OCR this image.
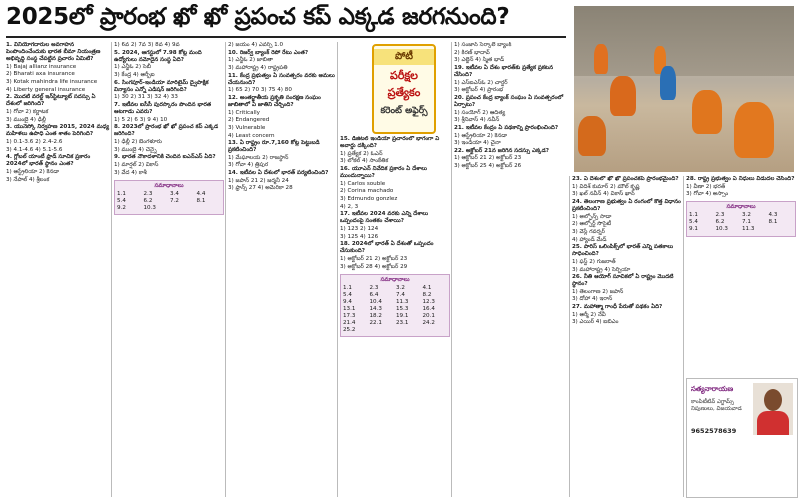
2025లో ప్రారంభ ఖో ఖో ప్రపంచ కప్ ఎక్కడ జరగనుంది?

1. వినియోగదారుల అవగాహన పెంపొందించేందుకు భారత బీమా నియంత్రణ అభివృద్ధి సంస్థ చేపట్టిన ప్రచారం ఏమిటి?

1) Bajaj allianz insurance

2) Bharati axa insurance

3) Kotak mahindra life insurance

4) Liberty general insurance

2. మొదటి వరల్డ్ ఇన్‌స్టిట్యూట్ సదస్సు ఏ దేశంలో జరిగింది?

1) గోవా 2) కర్ణాటక

3) ముంబై 4) ఢిల్లీ

3. యునెస్కో నిర్వహణ 2015, 2024 మధ్య మహిళలు ఉపాధి ఎంత శాతం పెరిగింది?

1) 0.1-3.6 2) 2.4-2.6

3) 4.1-4.6 4) 5.1-5.6

4. గ్లోబల్ యాంటీ ఫ్రాడ్ సూచిక ప్రకారం 2024లో భారత్ స్థానం ఎంత?

1) ఆస్ట్రేలియా 2) కెనడా

3) నేపాల్ 4) శ్రీలంక

1) 6వ 2) 7వ 3) 8వ 4) 9వ

5. 2024, ఆగస్టులో 7.98 కోట్ల మంది ఉద్యోగులు నమోదైన సంస్థ ఏది?

1) ఎన్జీఓ 2) సెబీ

3) కేంద్ర 4) ఆర్బీఐ

6. సింగపూర్-ఇండియా మారిటైమ్ ద్వైపాక్షిక విన్యాసం ఎన్నో ఎడిషన్ జరిగింది?

1) 30 2) 31 3) 32 4) 33

7. ఇటీవల ఐసీసీ పురస్కారం పొందిన భారత ఆటగాడు ఎవరు?

1) 5 2) 6 3) 9 4) 10

8. 2023లో ప్రారంభ ఖో ఖో ప్రపంచ కప్ ఎక్కడ జరిగింది?

1) ఢిల్లీ 2) బెంగళూరు

3) ముంబై 4) చెన్నై

9. భారత నౌకాదళానికి చెందిన ఐఎన్ఎస్ ఏది?

1) మార్షల్ 2) వికాస్

3) వేద 4) కాశీ

సమాధానాలు
1.1	2.3	3.4	4.4
5.4	6.2	7.2	8.1
9.2	10.3

2) జయం 4) ఎవర్స్ 1.0

10. రిజర్వ్ బ్యాంక్ రెపో రేటు ఎంత?

1) ఎన్జీఓ 2) జాబితా

3) మహారాష్ట్ర 4) రాష్ట్రపతి

11. కేంద్ర ప్రభుత్వం ఏ సంవత్సరం వరకు అమలు చేయనుంది?

1) 65 2) 70 3) 75 4) 80

12. అంతర్జాతీయ ప్రకృతి సంరక్షణ సంఘం జాబితాలో ఏ జాతిని చేర్చింది?

1) Critically

2) Endangered

3) Vulnerable

4) Least concern

13. ఏ రాష్ట్రం రూ.7,160 కోట్ల పెట్టుబడి ప్రకటించింది?

1) మేఘాలయ 2) రాజస్థాన్

3) గోవా 4) త్రిపుర

14. ఇటీవల ఏ దేశంలో భారత్ పర్యటించింది?

1) జపాన్ 21 2) జర్మనీ 24

3) ఫ్రాన్స్ 27 4) అమెరికా 28

15. డిజిటల్ ఇండియా ప్రచారంలో భాగంగా ఏ అవార్డు దక్కింది?

1) ప్రత్యేక 2) ఓఎన్

3) లోకల్ 4) సాంకేతిక

16. యూఎన్ నివేదిక ప్రకారం ఏ దేశాలు ముందున్నాయి?

1) Carlos souble

2) Corina machado

3) Edmundo gonzlez

4) 2, 3

17. ఇటీవల 2024 వరకు ఎన్ని దేశాలు ఒప్పందంపై సంతకం చేశాయి?

1) 123 2) 124

3) 125 4) 126

18. 2024లో భారత్ ఏ దేశంతో ఒప్పందం చేసుకుంది?

1) అక్టోబర్ 21 2) అక్టోబర్ 23

3) అక్టోబర్ 28 4) అక్టోబర్ 29

సమాధానాలు
1.1	2.3	3.2	4.1
5.4	6.4	7.4	8.2
9.4	10.4	11.3	12.3
13.1	14.3	15.3	16.4
17.3	18.2	19.1	20.1
21.4	22.1	23.1	24.2
25.2

1) సంజాన్ సెర్కాలే బ్యాంక్

2) కిరణ్ భాదావ్

3) ఎల్జెన్ 4) స్మిత భాడ్

19. ఇటీవల ఏ దేశం భారత్‌కు ప్రత్యేక ప్రకటన చేసింది?

1) ఎస్‌ఐఎస్ఓ 2) చార్టర్

3) అక్టోబర్ 4) ప్రారంభ

20. ప్రపంచ కేంద్ర బ్యాంక్ సంఘం ఏ సంవత్సరంలో ఏర్పాటు?

1) సంయోగ్ 2) ఆదిత్య

3) శ్రీనివాస్ 4) నవీన్

21. ఇటీవల కేంద్రం ఏ పథకాన్ని ప్రారంభించింది?

1) ఆస్ట్రేలియా 2) కెనడా

3) ఇండియా 4) చైనా

22. అక్టోబర్ 21న జరిగిన సదస్సు ఎక్కడ?

1) ఆక్టోబర్ 21 2) అక్టోబర్ 23

3) అక్టోబర్ 25 4) అక్టోబర్ 26

23. ఏ దేశంలో ఖో ఖో ప్రపంచకప్ ప్రారంభమైంది?

1) విదిశ్ కుమార్ 2) మౌల్ కృష్ణ

3) ఖల్ నవీన్ 4) వికాస్ ఖాన్

24. తెలంగాణ ప్రభుత్వం ఏ రంగంలో కొత్త విధానం ప్రకటించింది?

1) అల్ఫోన్స్ సాడా

2) ఆల్సోర్ట్ సొసైటీ

3) వెస్లే గవర్నర్

4) హ్యాండ్ మేడ్

25. పారిస్ ఒలింపిక్స్‌లో భారత్ ఎన్ని పతకాలు సాధించింది?

1) ఫస్ట్ 2) గుజరాత్

3) మహారాష్ట్ర 4) సెర్బియా

26. నీతి ఆయోగ్ సూచికలో ఏ రాష్ట్రం మొదటి స్థానం?

1) తెలంగాణ 2) జపాన్

3) దోహా 4) ఇరాన్

27. మహాత్మా గాంధీ పేరుతో పథకం ఏది?

1) ఆర్మీ 2) నేవీ

3) ఎయిర్ 4) ఐబిఎం

28. రాష్ట్ర ప్రభుత్వం ఏ నిధులు విడుదల చేసింది?

1) వీణా 2) భరత్

3) గోవా 4) అస్సాం

సమాధానాలు
1.1	2.3	3.2	4.3
5.4	6.2	7.1	8.1
9.1	10.3	11.3
పోటీ
పరీక్షల
ప్రత్యేకం
కరెంట్ అఫైర్స్
సత్యనారాయణ
కాంపిటీటివ్ ఎగ్జామ్స్ నిపుణులు, విజయవాడ
9652578639
